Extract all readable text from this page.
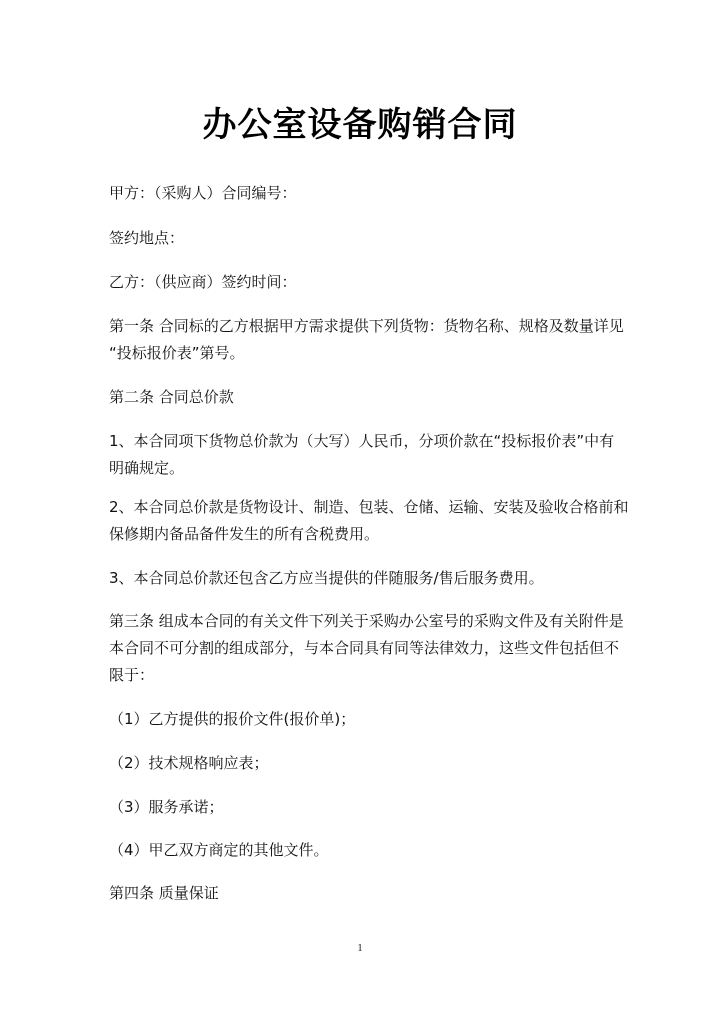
办公室设备购销合同
甲方：（采购人）合同编号：
签约地点：
乙方：（供应商）签约时间：
第一条 合同标的乙方根据甲方需求提供下列货物：货物名称、规格及数量详见
“投标报价表”第号。
第二条 合同总价款
1、本合同项下货物总价款为（大写）人民币，分项价款在“投标报价表”中有
明确规定。
2、本合同总价款是货物设计、制造、包装、仓储、运输、安装及验收合格前和
保修期内备品备件发生的所有含税费用。
3、本合同总价款还包含乙方应当提供的伴随服务/售后服务费用。
第三条 组成本合同的有关文件下列关于采购办公室号的采购文件及有关附件是
本合同不可分割的组成部分，与本合同具有同等法律效力，这些文件包括但不
限于：
（1）乙方提供的报价文件(报价单)；
（2）技术规格响应表；
（3）服务承诺；
（4）甲乙双方商定的其他文件。
第四条 质量保证
1
